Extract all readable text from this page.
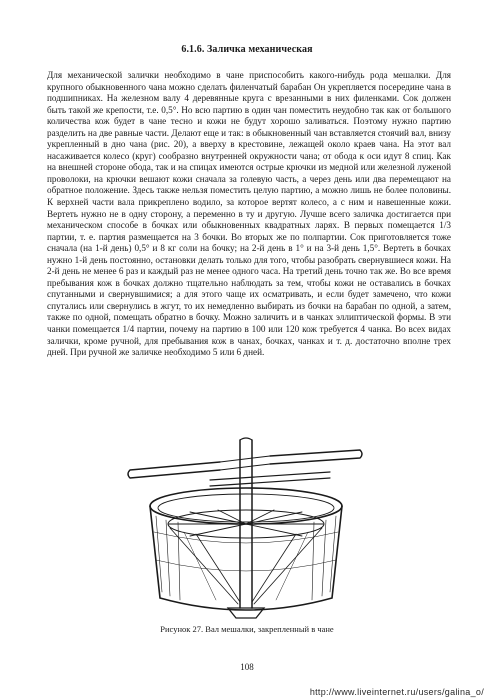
6.1.6. Заличка механическая

Для механической залички необходимо в чане приспособить какого-нибудь рода мешалки. Для крупного обыкновенного чана можно сделать филенчатый барабан Он укрепляется посередине чана в подшипниках. На железном валу 4 деревянные круга с врезанными в них филенками. Сок должен быть такой же крепости, т.е. 0,5°. Но всю партию в один чан поместить неудобно так как от большого количества кож будет в чане тесно и кожи не будут хорошо заливаться. Поэтому нужно партию разделить на две равные части. Делают еще и так: в обыкновенный чан вставляется стоячий вал, внизу укрепленный в дно чана (рис. 20), а вверху в крестовине, лежащей около краев чана. На этот вал насаживается колесо (круг) сообразно внутренней окружности чана; от обода к оси идут 8 спиц. Как на внешней стороне обода, так и на спицах имеются острые крючки из медной или железной луженой проволоки, на крючки вешают кожи сначала за голевую часть, а через день или два перемещают на обратное положение. Здесь также нельзя поместить целую партию, а можно лишь не более половины. К верхней части вала прикреплено водило, за которое вертят колесо, а с ним и навешенные кожи. Вертеть нужно не в одну сторону, а переменно в ту и другую. Лучше всего заличка достигается при механическом способе в бочках или обыкновенных квадратных ларях. В первых помещается 1/3 партии, т. е. партия размещается на 3 бочки. Во вторых же по полпартии. Сок приготовляется тоже сначала (на 1-й день) 0,5° и 8 кг соли на бочку; на 2-й день в 1° и на 3-й день 1,5°. Вертеть в бочках нужно 1-й день постоянно, остановки делать только для того, чтобы разобрать свернувшиеся кожи. На 2-й день не менее 6 раз и каждый раз не менее одного часа. На третий день точно так же. Во все время пребывания кож в бочках должно тщательно наблюдать за тем, чтобы кожи не оставались в бочках спутанными и свернувшимися; а для этого чаще их осматривать, и если будет замечено, что кожи спутались или свернулись в жгут, то их немедленно выбирать из бочки на барабан по одной, а затем, также по одной, помещать обратно в бочку. Можно заличить и в чанках эллиптической формы. В эти чанки помещается 1/4 партии, почему на партию в 100 или 120 кож требуется 4 чанка. Во всех видах залички, кроме ручной, для пребывания кож в чанах, бочках, чанках и т. д. достаточно вполне трех дней. При ручной же заличке необходимо 5 или 6 дней.

Рисунок 27. Вал мешалки, закрепленный в чане
108
http://www.liveinternet.ru/users/galina_o/
